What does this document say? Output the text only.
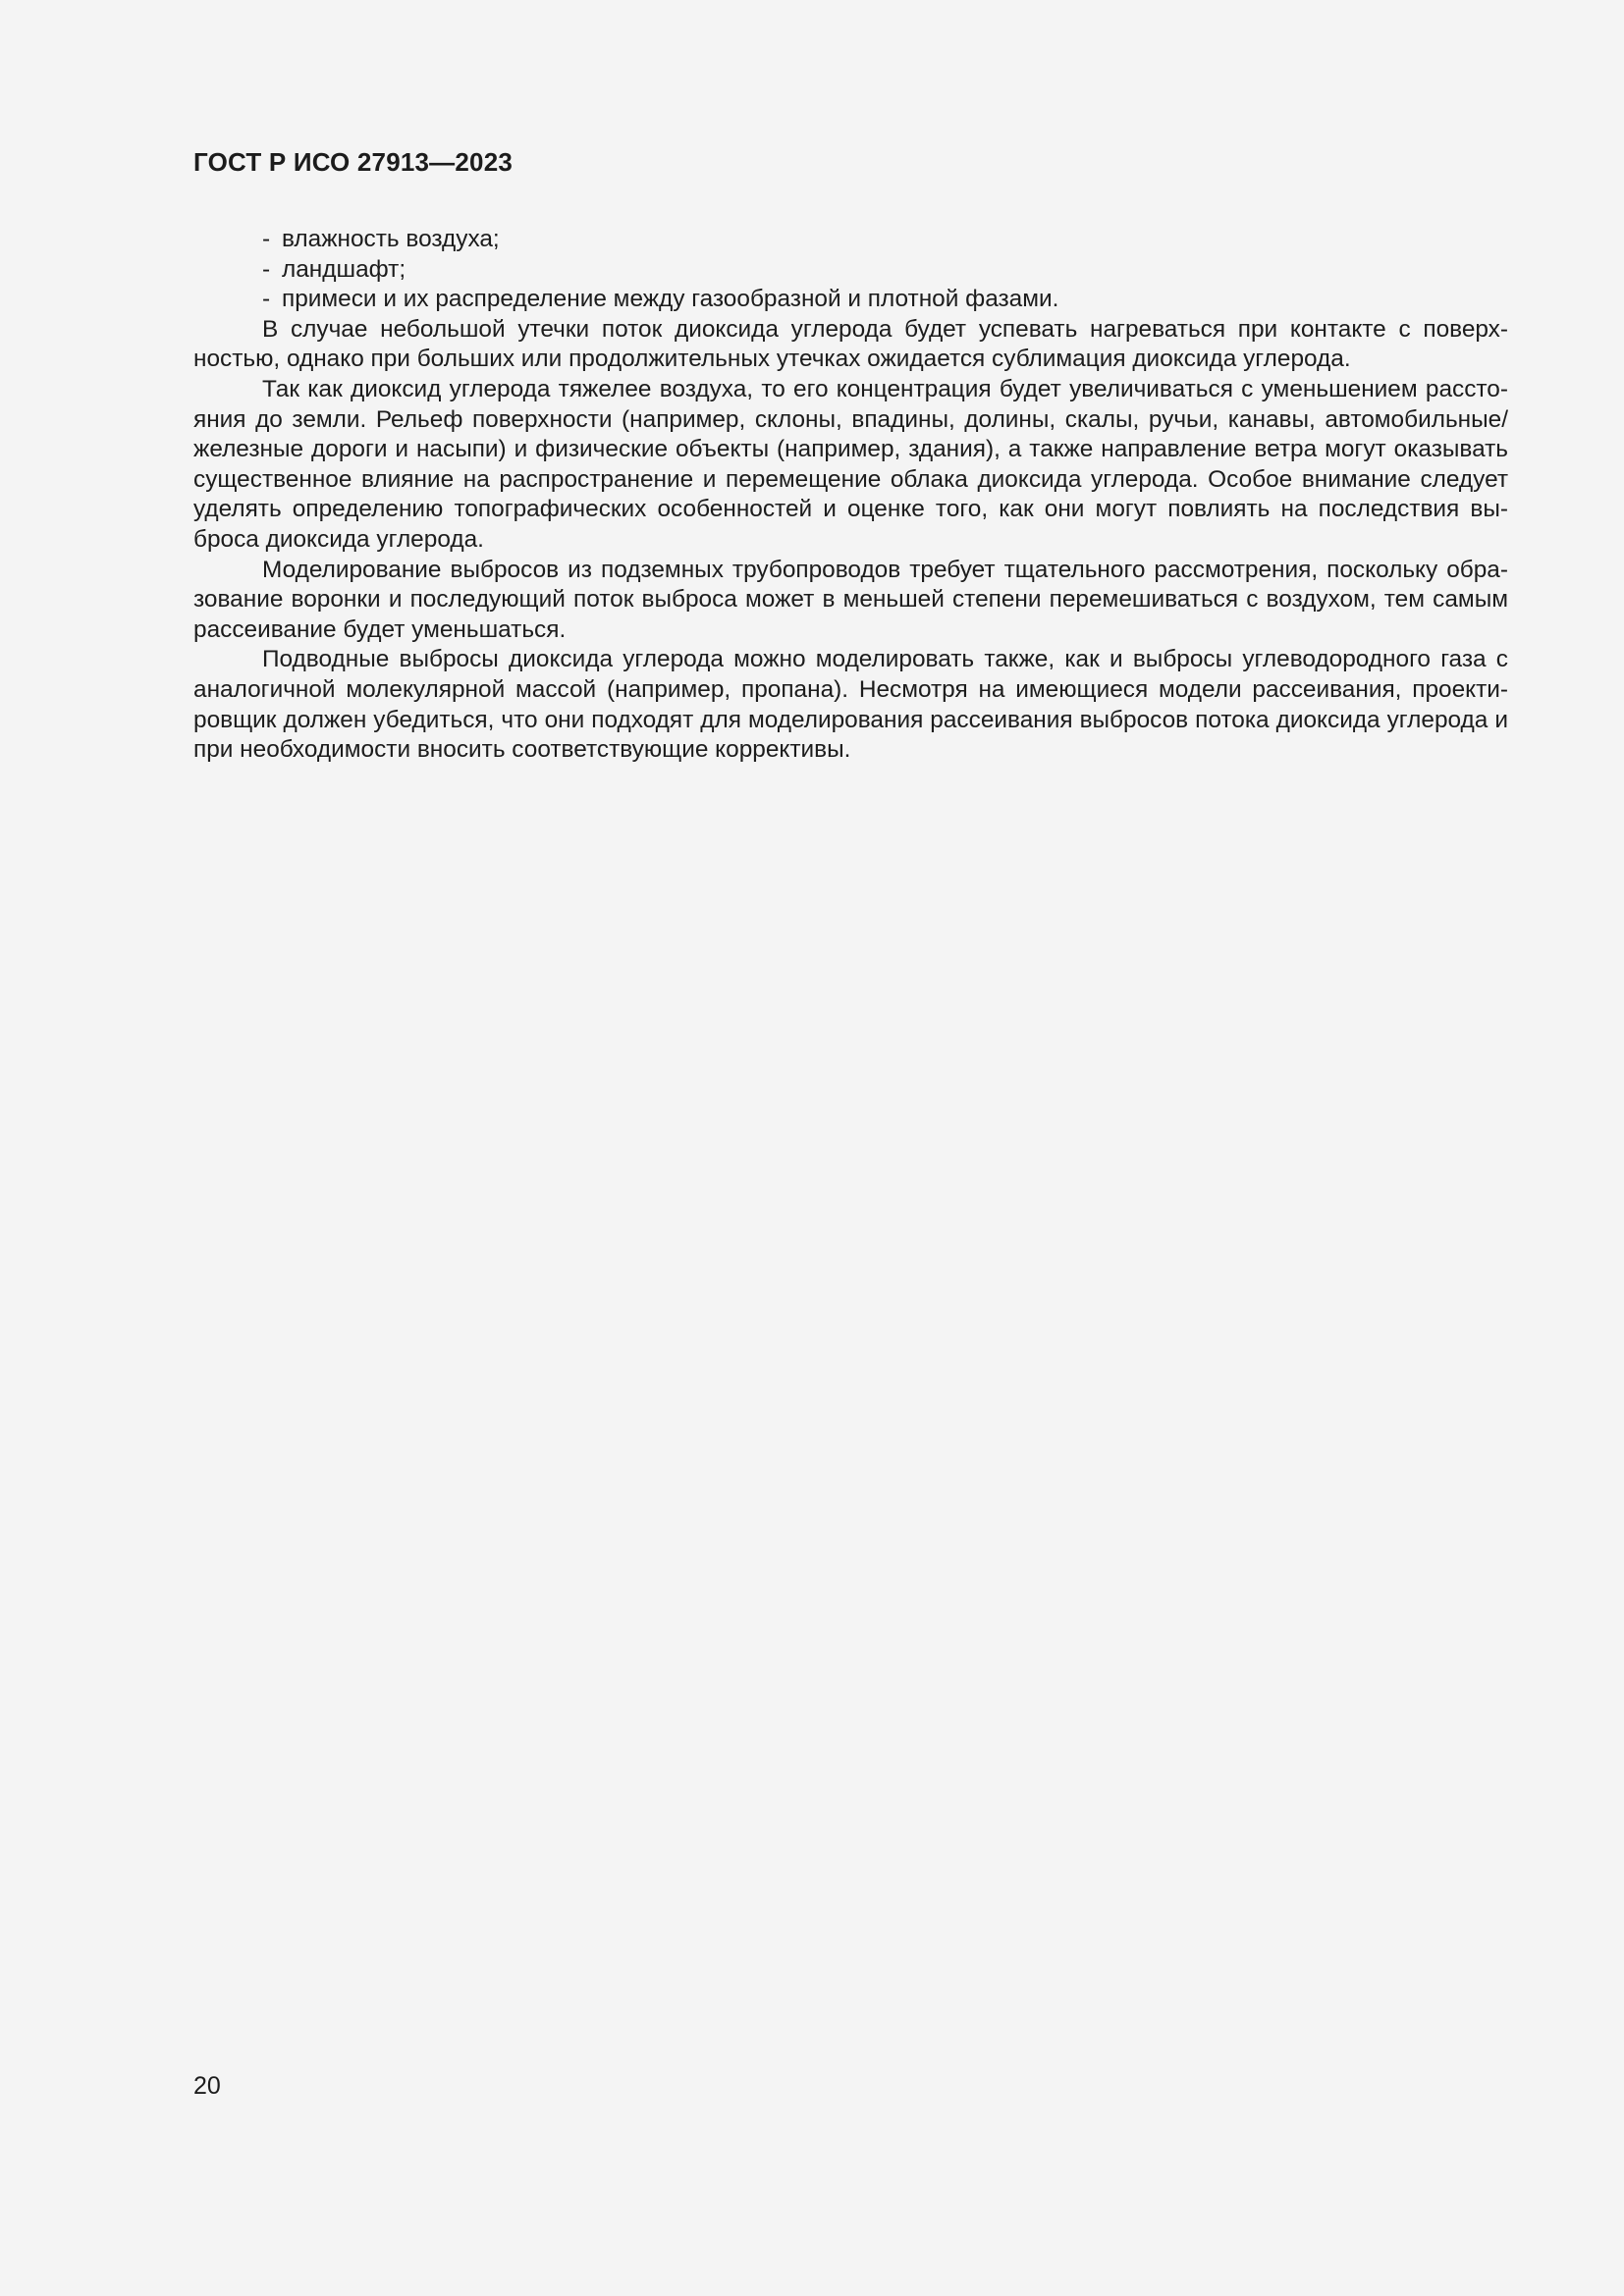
ГОСТ Р ИСО 27913—2023
- влажность воздуха;
- ландшафт;
- примеси и их распределение между газообразной и плотной фазами.

В случае небольшой утечки поток диоксида углерода будет успевать нагреваться при контакте с поверхностью, однако при больших или продолжительных утечках ожидается сублимация диоксида углерода.

Так как диоксид углерода тяжелее воздуха, то его концентрация будет увеличиваться с уменьшением расстояния до земли. Рельеф поверхности (например, склоны, впадины, долины, скалы, ручьи, канавы, автомобильные/железные дороги и насыпи) и физические объекты (например, здания), а также направление ветра могут оказывать существенное влияние на распространение и перемещение облака диоксида углерода. Особое внимание следует уделять определению топографических особенностей и оценке того, как они могут повлиять на последствия выброса диоксида углерода.

Моделирование выбросов из подземных трубопроводов требует тщательного рассмотрения, поскольку образование воронки и последующий поток выброса может в меньшей степени перемешиваться с воздухом, тем самым рассеивание будет уменьшаться.

Подводные выбросы диоксида углерода можно моделировать также, как и выбросы углеводородного газа с аналогичной молекулярной массой (например, пропана). Несмотря на имеющиеся модели рассеивания, проектировщик должен убедиться, что они подходят для моделирования рассеивания выбросов потока диоксида углерода и при необходимости вносить соответствующие коррективы.

20
